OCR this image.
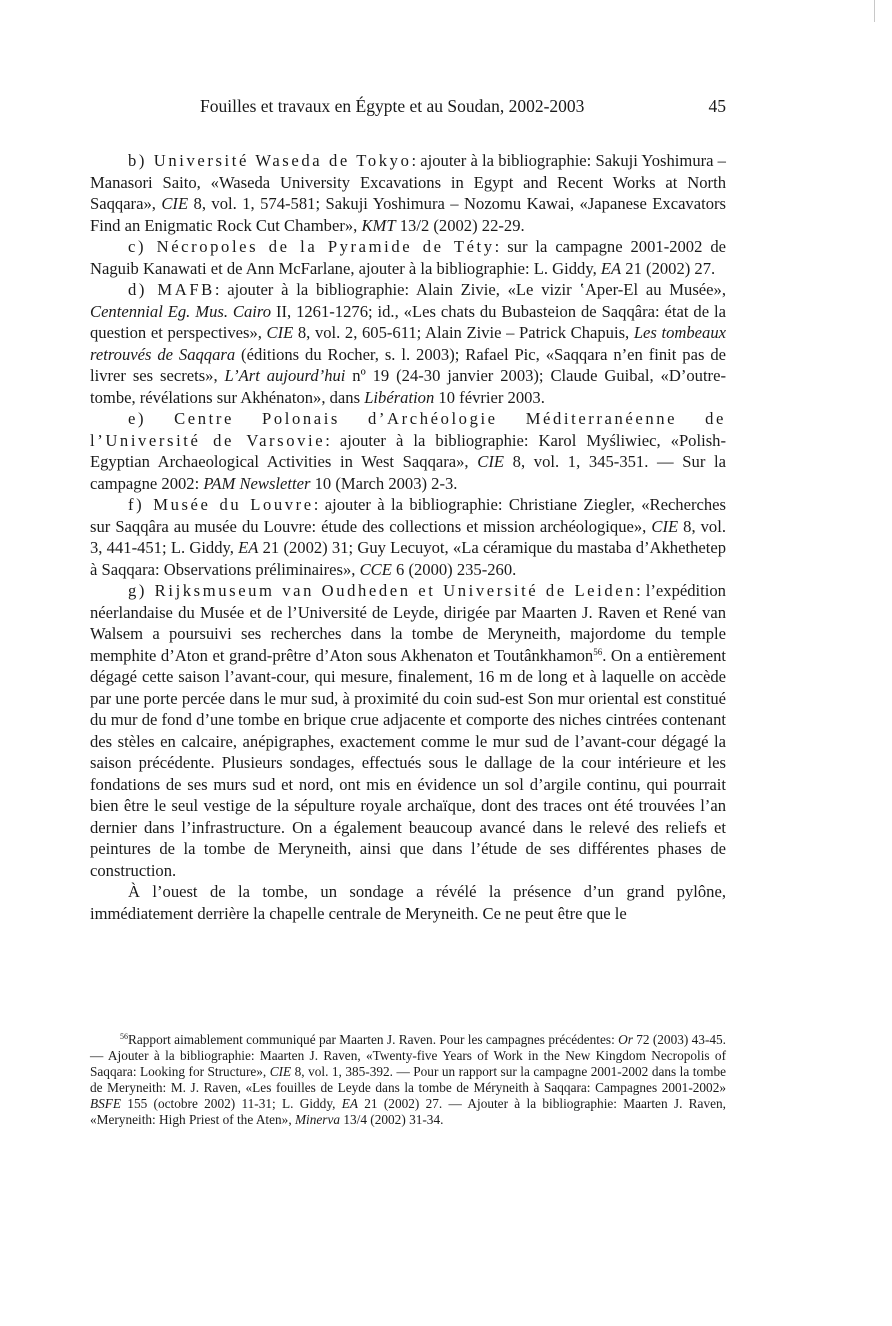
Fouilles et travaux en Égypte et au Soudan, 2002-2003	45

b) Université Waseda de Tokyo: ajouter à la bibliographie: Sakuji Yoshimura – Manasori Saito, «Waseda University Excavations in Egypt and Recent Works at North Saqqara», CIE 8, vol. 1, 574-581; Sakuji Yoshimura – Nozomu Kawai, «Japanese Excavators Find an Enigmatic Rock Cut Chamber», KMT 13/2 (2002) 22-29.

c) Nécropoles de la Pyramide de Téty: sur la campagne 2001-2002 de Naguib Kanawati et de Ann McFarlane, ajouter à la bibliographie: L. Giddy, EA 21 (2002) 27.

d) MAFB: ajouter à la bibliographie: Alain Zivie, «Le vizir ʽAper-El au Musée», Centennial Eg. Mus. Cairo II, 1261-1276; id., «Les chats du Bubasteion de Saqqâra: état de la question et perspectives», CIE 8, vol. 2, 605-611; Alain Zivie – Patrick Chapuis, Les tombeaux retrouvés de Saqqara (éditions du Rocher, s. l. 2003); Rafael Pic, «Saqqara n’en finit pas de livrer ses secrets», L’Art aujourd’hui nº 19 (24-30 janvier 2003); Claude Guibal, «D’outre-tombe, révélations sur Akhénaton», dans Libération 10 février 2003.

e) Centre Polonais d’Archéologie Méditerranéenne de l’Université de Varsovie: ajouter à la bibliographie: Karol Myśliwiec, «Polish-Egyptian Archaeological Activities in West Saqqara», CIE 8, vol. 1, 345-351. — Sur la campagne 2002: PAM Newsletter 10 (March 2003) 2-3.

f) Musée du Louvre: ajouter à la bibliographie: Christiane Ziegler, «Recherches sur Saqqâra au musée du Louvre: étude des collections et mission archéologique», CIE 8, vol. 3, 441-451; L. Giddy, EA 21 (2002) 31; Guy Lecuyot, «La céramique du mastaba d’Akhethetep à Saqqara: Observations préliminaires», CCE 6 (2000) 235-260.

g) Rijksmuseum van Oudheden et Université de Leiden: l’expédition néerlandaise du Musée et de l’Université de Leyde, dirigée par Maarten J. Raven et René van Walsem a poursuivi ses recherches dans la tombe de Meryneith, majordome du temple memphite d’Aton et grand-prêtre d’Aton sous Akhenaton et Toutânkhamon$^{56}$. On a entièrement dégagé cette saison l’avant-cour, qui mesure, finalement, 16 m de long et à laquelle on accède par une porte percée dans le mur sud, à proximité du coin sud-est Son mur oriental est constitué du mur de fond d’une tombe en brique crue adjacente et comporte des niches cintrées contenant des stèles en calcaire, anépigraphes, exactement comme le mur sud de l’avant-cour dégagé la saison précédente. Plusieurs sondages, effectués sous le dallage de la cour intérieure et les fondations de ses murs sud et nord, ont mis en évidence un sol d’argile continu, qui pourrait bien être le seul vestige de la sépulture royale archaïque, dont des traces ont été trouvées l’an dernier dans l’infrastructure. On a également beaucoup avancé dans le relevé des reliefs et peintures de la tombe de Meryneith, ainsi que dans l’étude de ses différentes phases de construction.

À l’ouest de la tombe, un sondage a révélé la présence d’un grand pylône, immédiatement derrière la chapelle centrale de Meryneith. Ce ne peut être que le

$^{56}$Rapport aimablement communiqué par Maarten J. Raven. Pour les campagnes précédentes: Or 72 (2003) 43-45. — Ajouter à la bibliographie: Maarten J. Raven, «Twenty-five Years of Work in the New Kingdom Necropolis of Saqqara: Looking for Structure», CIE 8, vol. 1, 385-392. — Pour un rapport sur la campagne 2001-2002 dans la tombe de Meryneith: M. J. Raven, «Les fouilles de Leyde dans la tombe de Méryneith à Saqqara: Campagnes 2001-2002» BSFE 155 (octobre 2002) 11-31; L. Giddy, EA 21 (2002) 27. — Ajouter à la bibliographie: Maarten J. Raven, «Meryneith: High Priest of the Aten», Minerva 13/4 (2002) 31-34.
